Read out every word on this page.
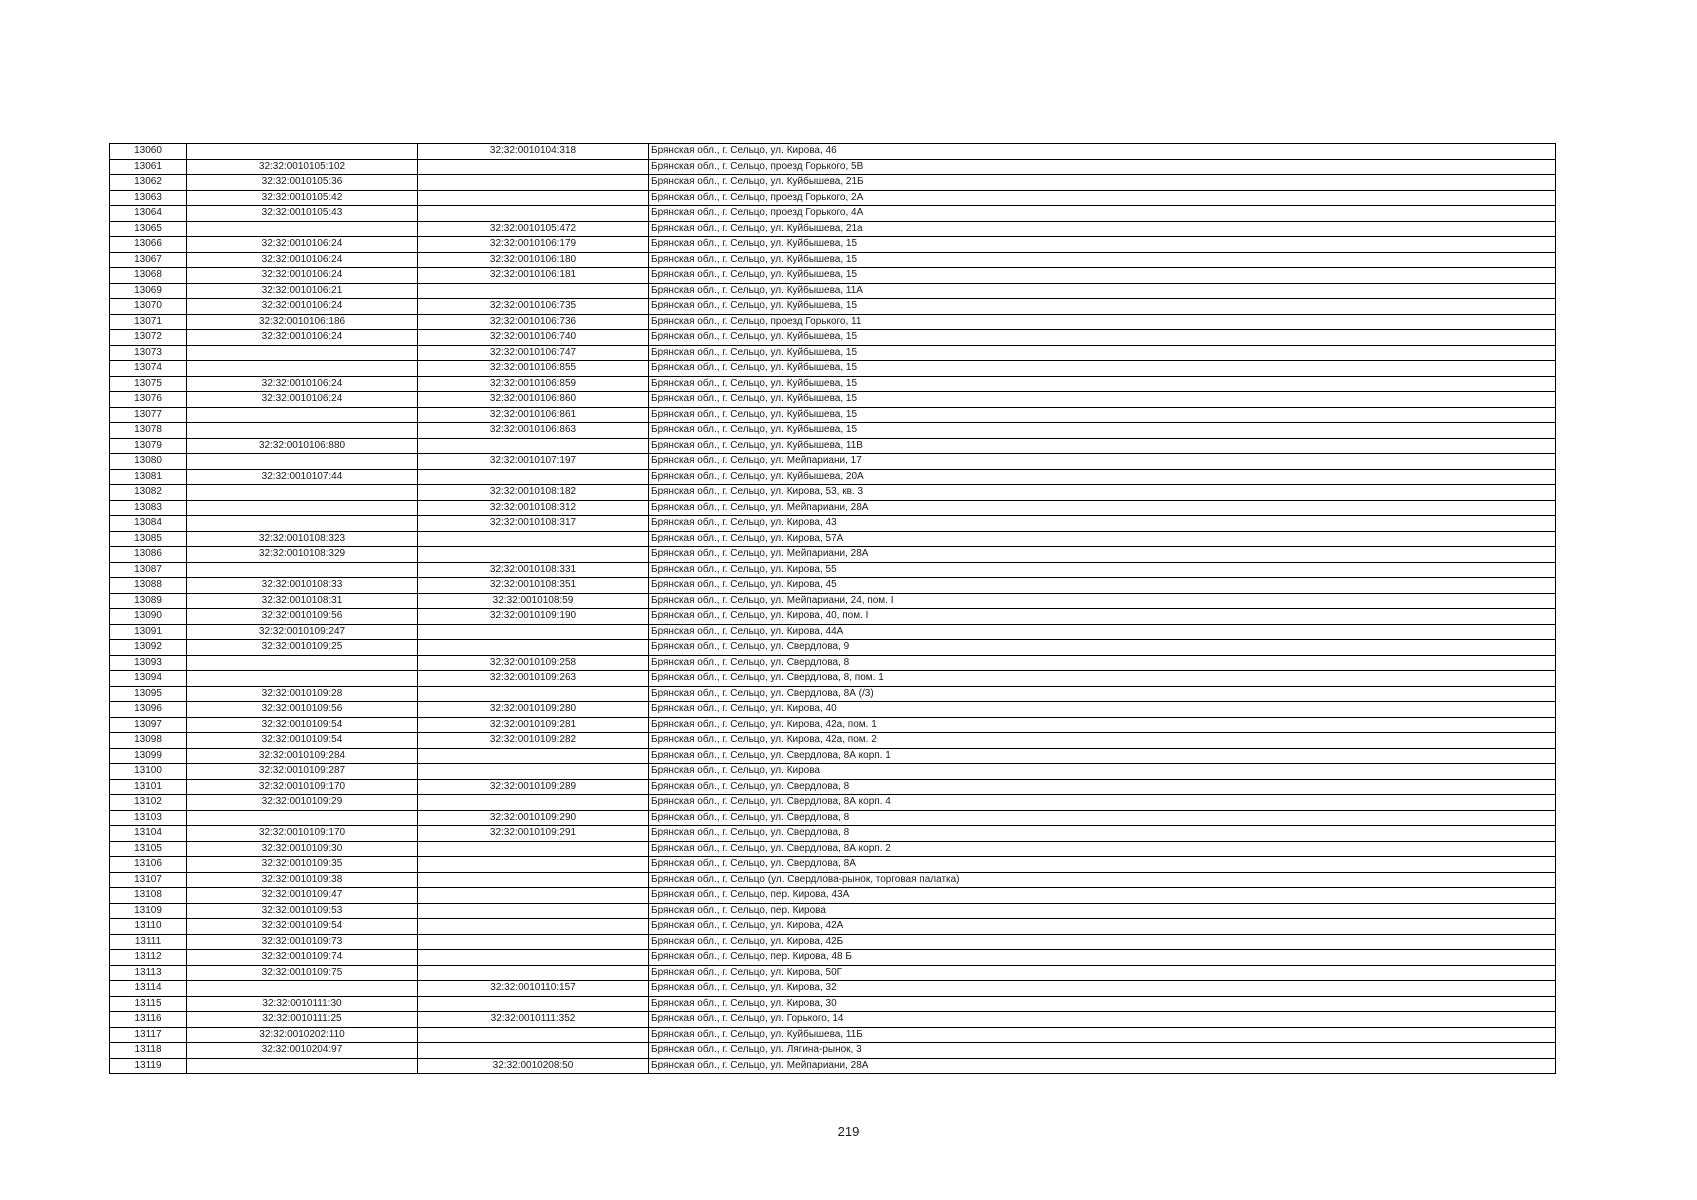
13060		32:32:0010104:318	Брянская обл., г. Сельцо, ул. Кирова, 46
13061	32:32:0010105:102		Брянская обл., г. Сельцо, проезд Горького, 5В
13062	32:32:0010105:36		Брянская обл., г. Сельцо, ул. Куйбышева, 21Б
13063	32:32:0010105:42		Брянская обл., г. Сельцо, проезд Горького, 2А
13064	32:32:0010105:43		Брянская обл., г. Сельцо, проезд Горького, 4А
13065		32:32:0010105:472	Брянская обл., г. Сельцо, ул. Куйбышева, 21а
13066	32:32:0010106:24	32:32:0010106:179	Брянская обл., г. Сельцо, ул. Куйбышева, 15
13067	32:32:0010106:24	32:32:0010106:180	Брянская обл., г. Сельцо, ул. Куйбышева, 15
13068	32:32:0010106:24	32:32:0010106:181	Брянская обл., г. Сельцо, ул. Куйбышева, 15
13069	32:32:0010106:21		Брянская обл., г. Сельцо, ул. Куйбышева, 11А
13070	32:32:0010106:24	32:32:0010106:735	Брянская обл., г. Сельцо, ул. Куйбышева, 15
13071	32:32:0010106:186	32:32:0010106:736	Брянская обл., г. Сельцо, проезд Горького, 11
13072	32:32:0010106:24	32:32:0010106:740	Брянская обл., г. Сельцо, ул. Куйбышева, 15
13073		32:32:0010106:747	Брянская обл., г. Сельцо, ул. Куйбышева, 15
13074		32:32:0010106:855	Брянская обл., г. Сельцо, ул. Куйбышева, 15
13075	32:32:0010106:24	32:32:0010106:859	Брянская обл., г. Сельцо, ул. Куйбышева, 15
13076	32:32:0010106:24	32:32:0010106:860	Брянская обл., г. Сельцо, ул. Куйбышева, 15
13077		32:32:0010106:861	Брянская обл., г. Сельцо, ул. Куйбышева, 15
13078		32:32:0010106:863	Брянская обл., г. Сельцо, ул. Куйбышева, 15
13079	32:32:0010106:880		Брянская обл., г. Сельцо, ул. Куйбышева, 11В
13080		32:32:0010107:197	Брянская обл., г. Сельцо, ул. Мейпариани, 17
13081	32:32:0010107:44		Брянская обл., г. Сельцо, ул. Куйбышева, 20А
13082		32:32:0010108:182	Брянская обл., г. Сельцо, ул. Кирова, 53, кв. 3
13083		32:32:0010108:312	Брянская обл., г. Сельцо, ул. Мейпариани, 28А
13084		32:32:0010108:317	Брянская обл., г. Сельцо, ул. Кирова, 43
13085	32:32:0010108:323		Брянская обл., г. Сельцо, ул. Кирова, 57А
13086	32:32:0010108:329		Брянская обл., г. Сельцо, ул. Мейпариани, 28А
13087		32:32:0010108:331	Брянская обл., г. Сельцо, ул. Кирова, 55
13088	32:32:0010108:33	32:32:0010108:351	Брянская обл., г. Сельцо, ул. Кирова, 45
13089	32:32:0010108:31	32:32:0010108:59	Брянская обл., г. Сельцо, ул. Мейпариани, 24, пом. I
13090	32:32:0010109:56	32:32:0010109:190	Брянская обл., г. Сельцо, ул. Кирова, 40, пом. I
13091	32:32:0010109:247		Брянская обл., г. Сельцо, ул. Кирова, 44А
13092	32:32:0010109:25		Брянская обл., г. Сельцо, ул. Свердлова, 9
13093		32:32:0010109:258	Брянская обл., г. Сельцо, ул. Свердлова, 8
13094		32:32:0010109:263	Брянская обл., г. Сельцо, ул. Свердлова, 8, пом. 1
13095	32:32:0010109:28		Брянская обл., г. Сельцо, ул. Свердлова, 8А (/3)
13096	32:32:0010109:56	32:32:0010109:280	Брянская обл., г. Сельцо, ул. Кирова, 40
13097	32:32:0010109:54	32:32:0010109:281	Брянская обл., г. Сельцо, ул. Кирова, 42а, пом. 1
13098	32:32:0010109:54	32:32:0010109:282	Брянская обл., г. Сельцо, ул. Кирова, 42а, пом. 2
13099	32:32:0010109:284		Брянская обл., г. Сельцо, ул. Свердлова, 8А корп. 1
13100	32:32:0010109:287		Брянская обл., г. Сельцо, ул. Кирова
13101	32:32:0010109:170	32:32:0010109:289	Брянская обл., г. Сельцо, ул. Свердлова, 8
13102	32:32:0010109:29		Брянская обл., г. Сельцо, ул. Свердлова, 8А корп. 4
13103		32:32:0010109:290	Брянская обл., г. Сельцо, ул. Свердлова, 8
13104	32:32:0010109:170	32:32:0010109:291	Брянская обл., г. Сельцо, ул. Свердлова, 8
13105	32:32:0010109:30		Брянская обл., г. Сельцо, ул. Свердлова, 8А корп. 2
13106	32:32:0010109:35		Брянская обл., г. Сельцо, ул. Свердлова, 8А
13107	32:32:0010109:38		Брянская обл., г. Сельцо (ул. Свердлова-рынок, торговая палатка)
13108	32:32:0010109:47		Брянская обл., г. Сельцо, пер. Кирова, 43А
13109	32:32:0010109:53		Брянская обл., г. Сельцо, пер. Кирова
13110	32:32:0010109:54		Брянская обл., г. Сельцо, ул. Кирова, 42А
13111	32:32:0010109:73		Брянская обл., г. Сельцо, ул. Кирова, 42Б
13112	32:32:0010109:74		Брянская обл., г. Сельцо, пер. Кирова, 48 Б
13113	32:32:0010109:75		Брянская обл., г. Сельцо, ул. Кирова, 50Г
13114		32:32:0010110:157	Брянская обл., г. Сельцо, ул. Кирова, 32
13115	32:32:0010111:30		Брянская обл., г. Сельцо, ул. Кирова, 30
13116	32:32:0010111:25	32:32:0010111:352	Брянская обл., г. Сельцо, ул. Горького, 14
13117	32:32:0010202:110		Брянская обл., г. Сельцо, ул. Куйбышева, 11Б
13118	32:32:0010204:97		Брянская обл., г. Сельцо, ул. Лягина-рынок, 3
13119		32:32:0010208:50	Брянская обл., г. Сельцо, ул. Мейпариани, 28А
219
